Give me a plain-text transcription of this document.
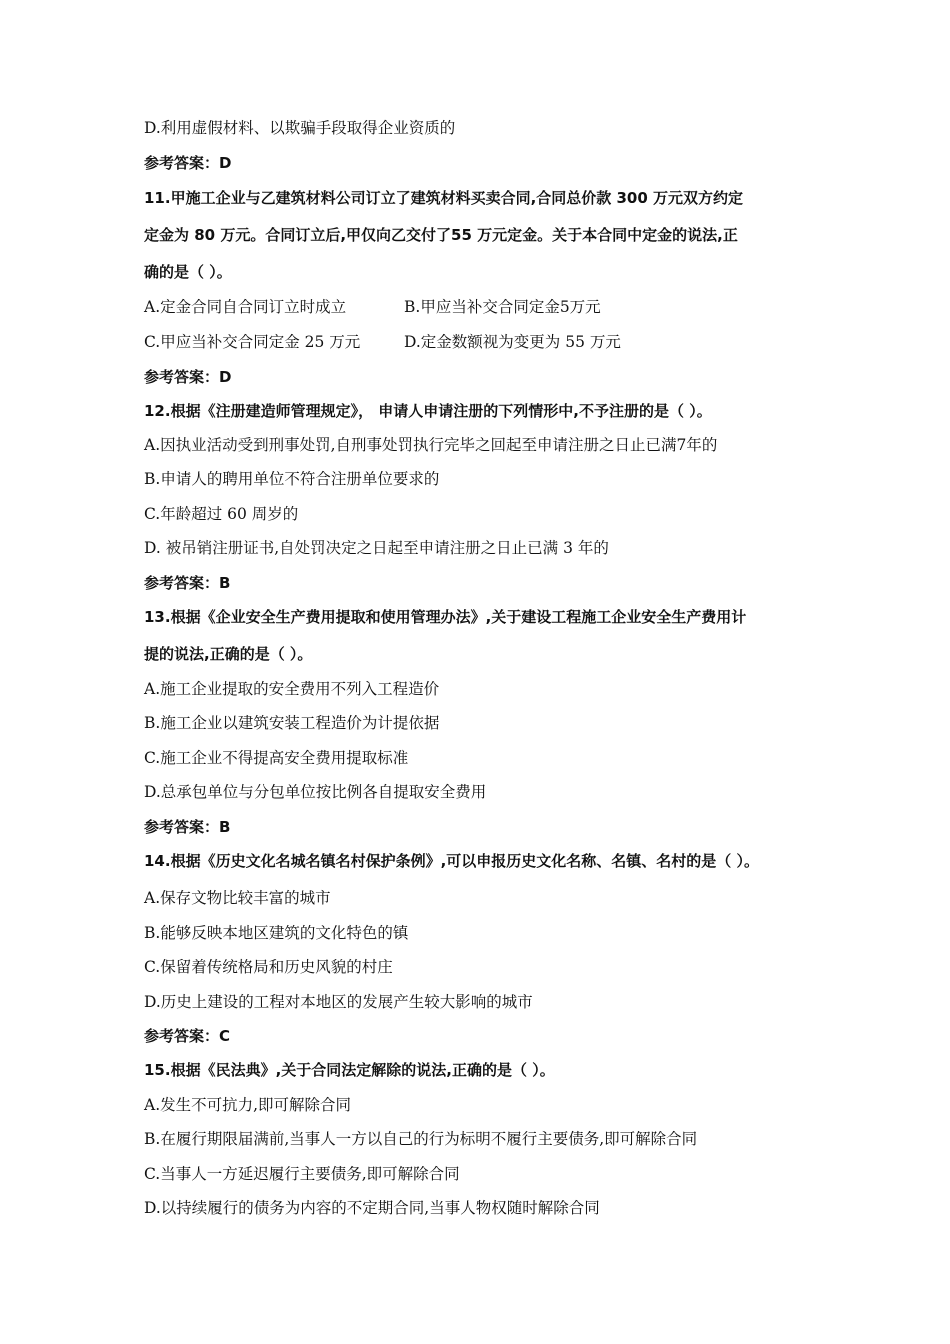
D.利用虚假材料、以欺骗手段取得企业资质的
参考答案：D
11.甲施工企业与乙建筑材料公司订立了建筑材料买卖合同,合同总价款 300 万元双方约定
定金为 80 万元。合同订立后,甲仅向乙交付了55 万元定金。关于本合同中定金的说法,正
确的是（ ）。
A.定金合同自合同订立时成立	B.甲应当补交合同定金5万元
C.甲应当补交合同定金 25 万元	D.定金数额视为变更为 55 万元
参考答案：D
12.根据《注册建造师管理规定》， 申请人申请注册的下列情形中,不予注册的是（ ）。
A.因执业活动受到刑事处罚,自刑事处罚执行完毕之回起至申请注册之日止已满7年的
B.申请人的聘用单位不符合注册单位要求的
C.年龄超过 60 周岁的
D. 被吊销注册证书,自处罚决定之日起至申请注册之日止已满 3 年的
参考答案：B
13.根据《企业安全生产费用提取和使用管理办法》,关于建设工程施工企业安全生产费用计
提的说法,正确的是（ ）。
A.施工企业提取的安全费用不列入工程造价
B.施工企业以建筑安装工程造价为计提依据
C.施工企业不得提高安全费用提取标准
D.总承包单位与分包单位按比例各自提取安全费用
参考答案：B
14.根据《历史文化名城名镇名村保护条例》,可以申报历史文化名称、名镇、名村的是（ ）。
A.保存文物比较丰富的城市
B.能够反映本地区建筑的文化特色的镇
C.保留着传统格局和历史风貌的村庄
D.历史上建设的工程对本地区的发展产生较大影响的城市
参考答案：C
15.根据《民法典》,关于合同法定解除的说法,正确的是（ ）。
A.发生不可抗力,即可解除合同
B.在履行期限届满前,当事人一方以自己的行为标明不履行主要债务,即可解除合同
C.当事人一方延迟履行主要债务,即可解除合同
D.以持续履行的债务为内容的不定期合同,当事人物权随时解除合同
